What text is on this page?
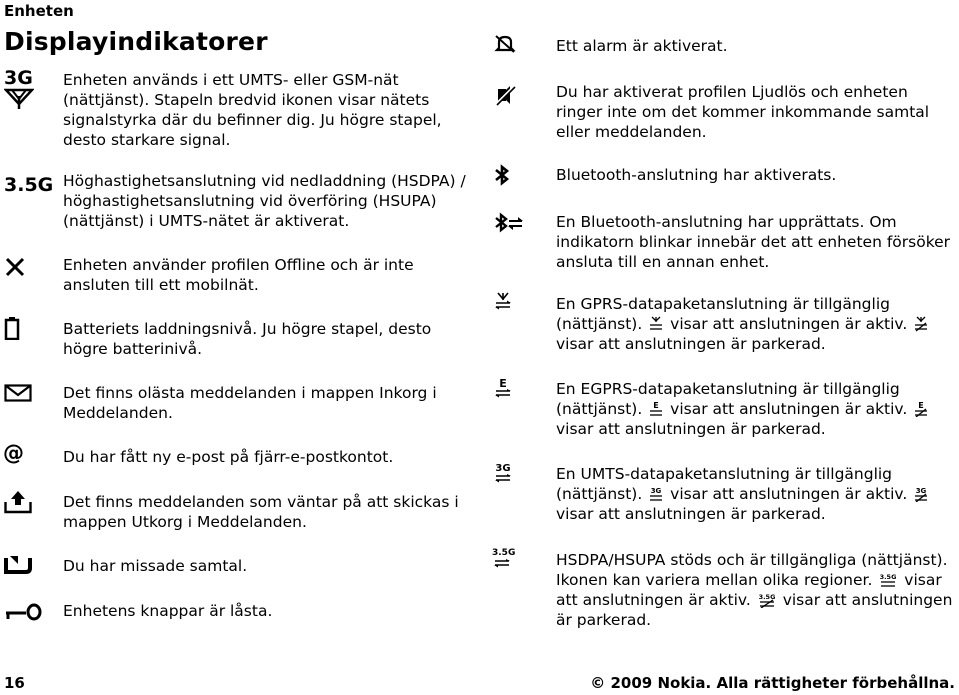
Enheten
Displayindikatorer
3G
3.5G
@
Enheten används i ett UMTS- eller GSM-nät (nättjänst). Stapeln bredvid ikonen visar nätets signalstyrka där du befinner dig. Ju högre stapel, desto starkare signal.
Höghastighetsanslutning vid nedladdning (HSDPA) / höghastighetsanslutning vid överföring (HSUPA) (nättjänst) i UMTS-nätet är aktiverat.
Enheten använder profilen Offline och är inte ansluten till ett mobilnät.
Batteriets laddningsnivå. Ju högre stapel, desto högre batterinivå.
Det finns olästa meddelanden i mappen Inkorg i Meddelanden.
Du har fått ny e-post på fjärr-e-postkontot.
Det finns meddelanden som väntar på att skickas i mappen Utkorg i Meddelanden.
Du har missade samtal.
Enhetens knappar är låsta.
E
3G
3.5G
Ett alarm är aktiverat.
Du har aktiverat profilen Ljudlös och enheten ringer inte om det kommer inkommande samtal eller meddelanden.
Bluetooth-anslutning har aktiverats.
En Bluetooth-anslutning har upprättats. Om indikatorn blinkar innebär det att enheten försöker ansluta till en annan enhet.
En GPRS-datapaketanslutning är tillgänglig (nättjänst). visar att anslutningen är aktiv.  visar att anslutningen är parkerad.
En EGPRS-datapaketanslutning är tillgänglig (nättjänst). E visar att anslutningen är aktiv. E
visar att anslutningen är parkerad.
En UMTS-datapaketanslutning är tillgänglig (nättjänst). 3G visar att anslutningen är aktiv. 3G
visar att anslutningen är parkerad.
HSDPA/HSUPA stöds och är tillgängliga (nättjänst). Ikonen kan variera mellan olika regioner. 3.5G visar att anslutningen är aktiv. 3.5G visar att anslutningen är parkerad.
16	© 2009 Nokia. Alla rättigheter förbehållna.
